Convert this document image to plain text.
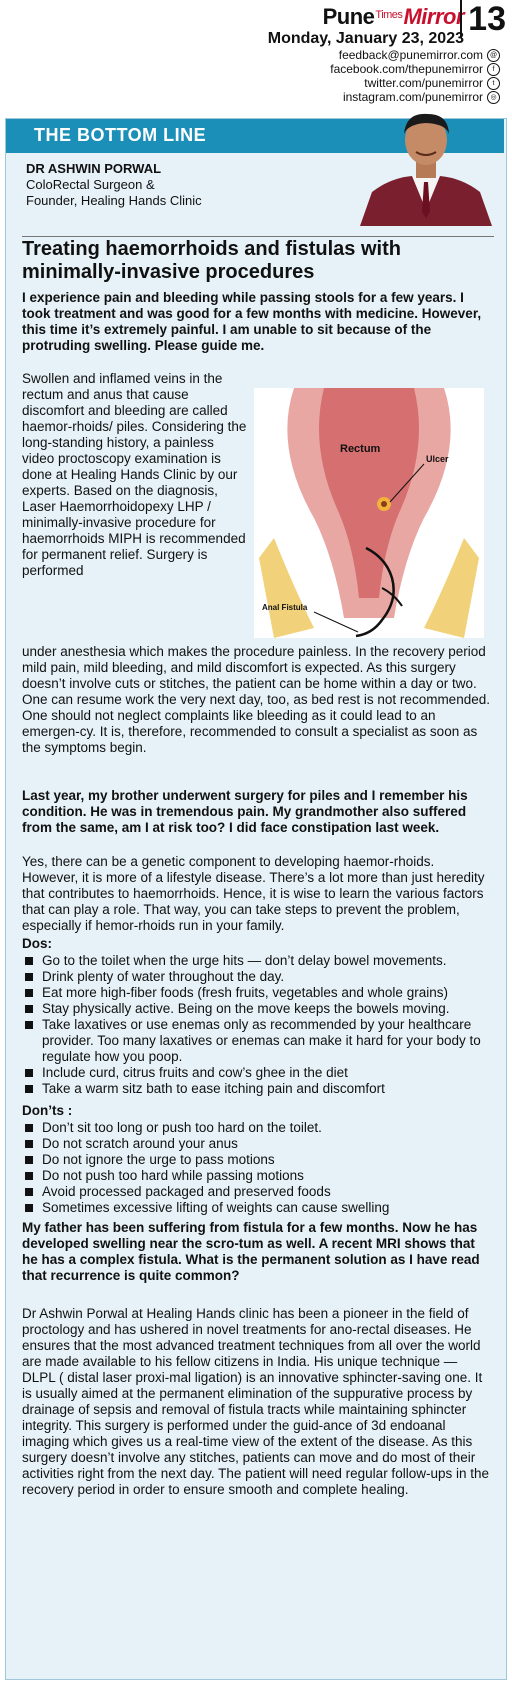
Pune$^{Times}$Mirror 13
Monday, January 23, 2023
feedback@punemirror.com @
facebook.com/thepunemirror	f
twitter.com/punemirror	t
instagram.com/punemirror	◎
THE BOTTOM LINE
DR ASHWIN PORWAL
ColoRectal Surgeon &
Founder, Healing Hands Clinic
Treating haemorrhoids and fistulas with
minimally-invasive procedures
I experience pain and bleeding while passing stools for a few years. I took treatment and was good for a few months with medicine. However, this time it’s extremely painful. I am unable to sit because of the protruding swelling. Please guide me.
Swollen and inflamed veins in the rectum and anus that cause discomfort and bleeding are called haemor-rhoids/ piles. Considering the long-standing history, a painless video proctoscopy examination is done at Healing Hands Clinic by our experts. Based on the diagnosis, Laser Haemorrhoidopexy LHP / minimally-invasive procedure for haemorrhoids MIPH is recommended for permanent relief. Surgery is performed
Rectum
Ulcer
Anal Fistula
under anesthesia which makes the procedure painless. In the recovery period mild pain, mild bleeding, and mild discomfort is expected. As this surgery doesn’t involve cuts or stitches, the patient can be home within a day or two. One can resume work the very next day, too, as bed rest is not recommended. One should not neglect complaints like bleeding as it could lead to an emergen-cy. It is, therefore, recommended to consult a specialist as soon as the symptoms begin.
Last year, my brother underwent surgery for piles and I remember his condition. He was in tremendous pain. My grandmother also suffered from the same, am I at risk too? I did face constipation last week.
Yes, there can be a genetic component to developing haemor-rhoids. However, it is more of a lifestyle disease. There’s a lot more than just heredity that contributes to haemorrhoids. Hence, it is wise to learn the various factors that can play a role. That way, you can take steps to prevent the problem, especially if hemor-rhoids run in your family.
Dos:
Go to the toilet when the urge hits — don’t delay bowel movements.
Drink plenty of water throughout the day.
Eat more high-fiber foods (fresh fruits, vegetables and whole grains)
Stay physically active. Being on the move keeps the bowels moving.
Take laxatives or use enemas only as recommended by your healthcare provider. Too many laxatives or enemas can make it hard for your body to regulate how you poop.
Include curd, citrus fruits and cow’s ghee in the diet
Take a warm sitz bath to ease itching pain and discomfort
Don’ts :
Don’t sit too long or push too hard on the toilet.
Do not scratch around your anus
Do not ignore the urge to pass motions
Do not push too hard while passing motions
Avoid processed packaged and preserved foods
Sometimes excessive lifting of weights can cause swelling
My father has been suffering from fistula for a few months. Now he has developed swelling near the scro-tum as well. A recent MRI shows that he has a complex fistula. What is the permanent solution as I have read that recurrence is quite common?
Dr Ashwin Porwal at Healing Hands clinic has been a pioneer in the field of proctology and has ushered in novel treatments for ano-rectal diseases. He ensures that the most advanced treatment techniques from all over the world are made available to his fellow citizens in India. His unique technique — DLPL ( distal laser proxi-mal ligation) is an innovative sphincter-saving one. It is usually aimed at the permanent elimination of the suppurative process by drainage of sepsis and removal of fistula tracts while maintaining sphincter integrity. This surgery is performed under the guid-ance of 3d endoanal imaging which gives us a real-time view of the extent of the disease. As this surgery doesn’t involve any stitches, patients can move and do most of their activities right from the next day. The patient will need regular follow-ups in the recovery period in order to ensure smooth and complete healing.
